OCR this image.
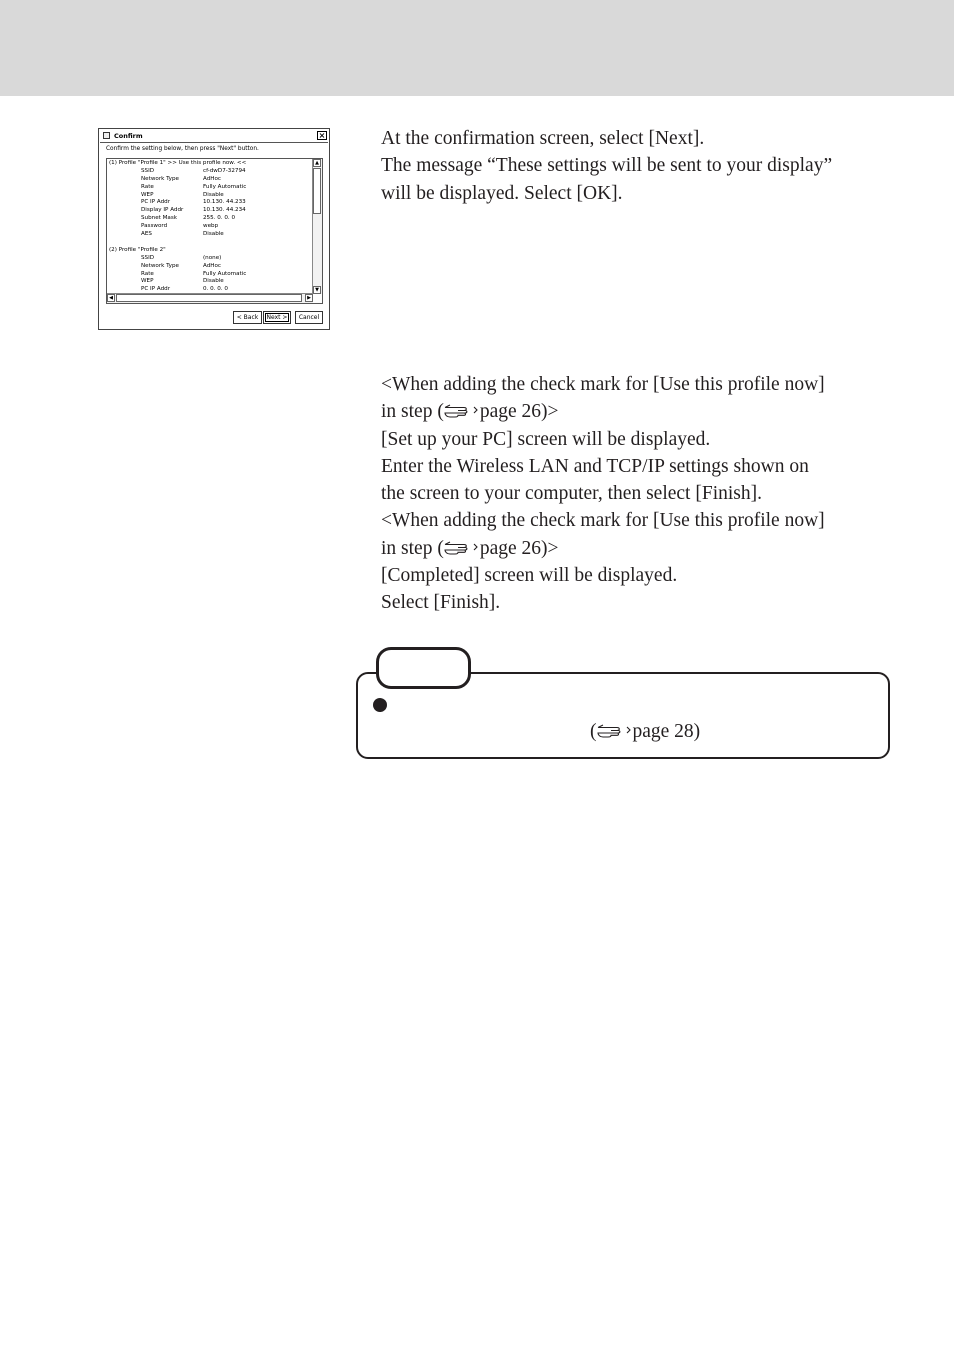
Confirm	×
Confirm the setting below, then press "Next" button.
(1) Profile "Profile 1" >> Use this profile now. <<
SSID	cf-dwD7-32794
Network Type	AdHoc
Rate	Fully Automatic
WEP	Disable
PC IP Addr	10.130. 44.233
Display IP Addr	10.130. 44.234
Subnet Mask	255. 0. 0. 0
Password	webp
AES	Disable
(2) Profile "Profile 2"
SSID	(none)
Network Type	AdHoc
Rate	Fully Automatic
WEP	Disable
PC IP Addr	0. 0. 0. 0
▲
▼
◀	▶
< Back	Next >	Cancel

At the confirmation screen, select [Next].

The message “These settings will be sent to your display”

will be displayed. Select [OK].

<When adding the check mark for [Use this profile now]

in step ( page 26)>

[Set up your PC] screen will be displayed.

Enter the Wireless LAN and TCP/IP settings shown on

the screen to your computer, then select [Finish].

<When adding the check mark for [Use this profile now]

in step ( page 26)>

[Completed] screen will be displayed.

Select [Finish].

( page 28)
